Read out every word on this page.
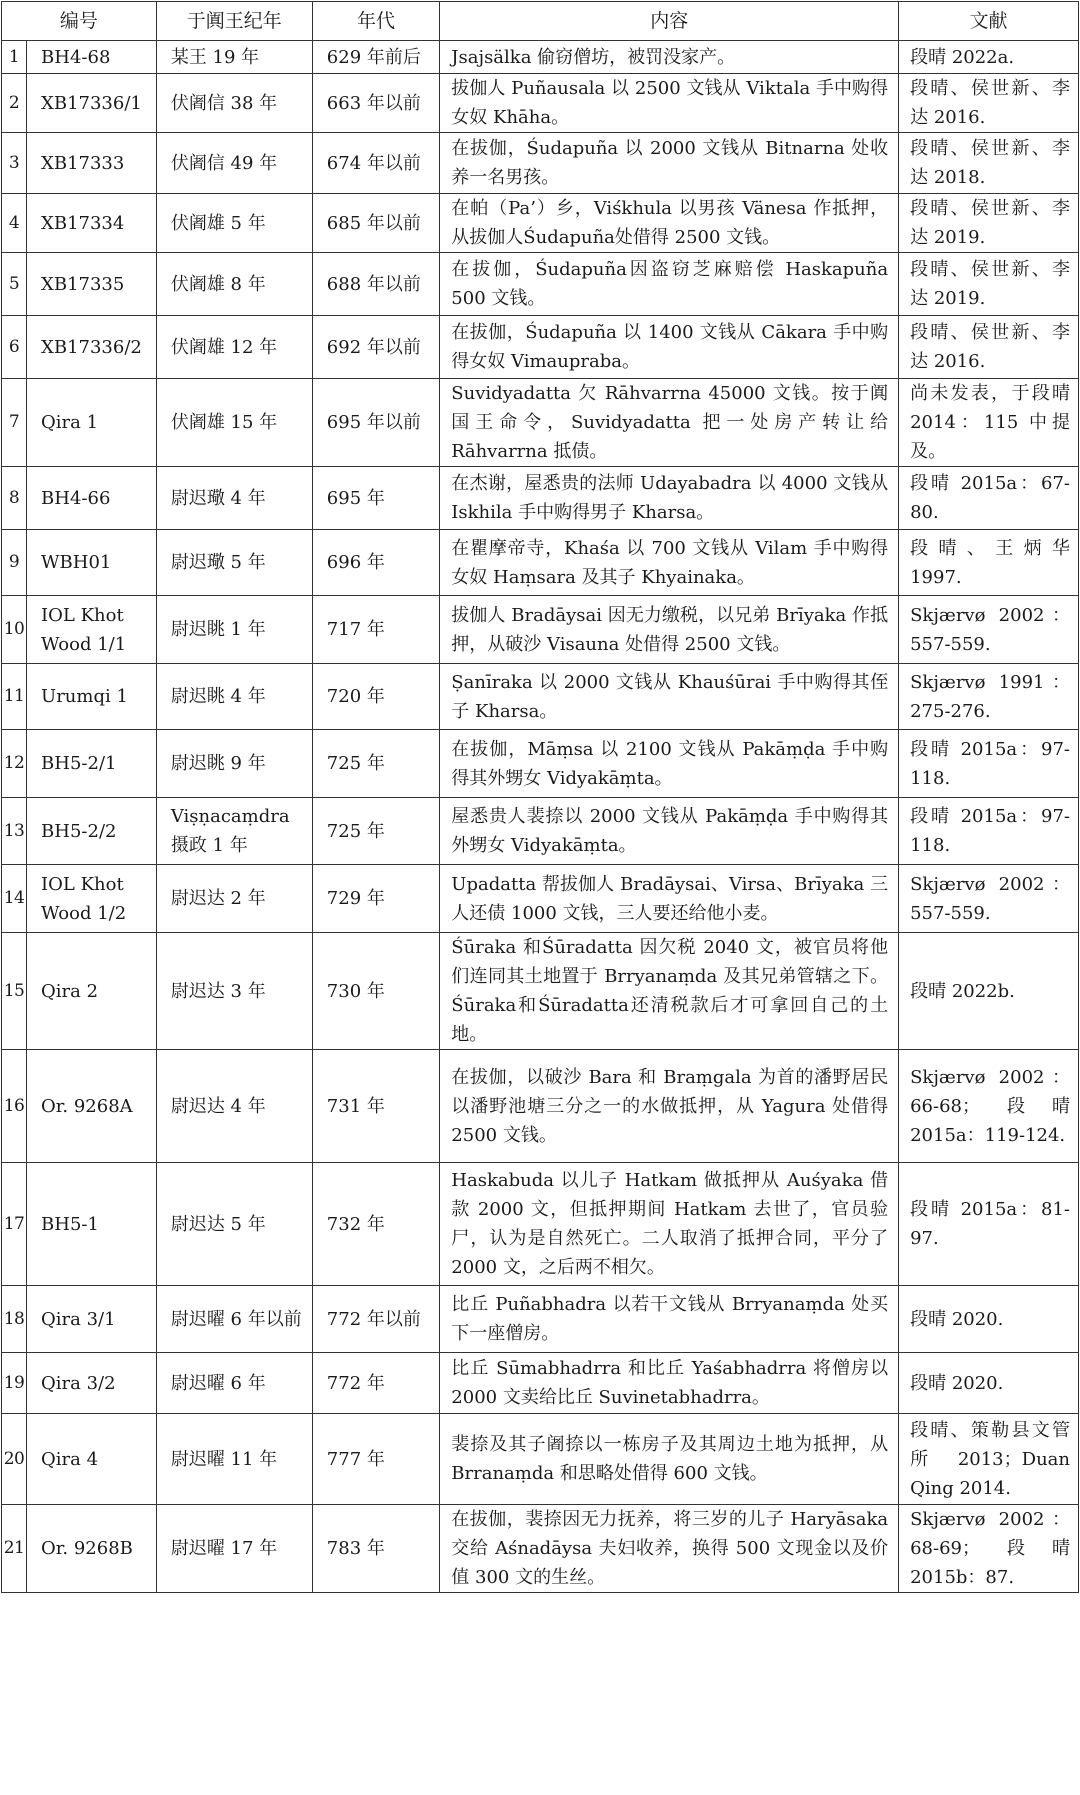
编号		于阗王纪年	年代	内容	文献
1	BH4-68	某王 19 年	629 年前后	Jsajsälka 偷窃僧坊，被罚没家产。	段晴 2022a.
2	XB17336/1	伏阇信 38 年	663 年以前	拔伽人 Puñausala 以 2500 文钱从 Viktala 手中购得女奴 Khāha。	段晴、侯世新、李达 2016.
3	XB17333	伏阇信 49 年	674 年以前	在拔伽，Śudapuña 以 2000 文钱从 Bitnarna 处收养一名男孩。	段晴、侯世新、李达 2018.
4	XB17334	伏阇雄 5 年	685 年以前	在帕（Pa’）乡，Viśkhula 以男孩 Vänesa 作抵押，从拔伽人Śudapuña处借得 2500 文钱。	段晴、侯世新、李达 2019.
5	XB17335	伏阇雄 8 年	688 年以前	在拔伽，Śudapuña因盗窃芝麻赔偿 Haskapuña 500 文钱。	段晴、侯世新、李达 2019.
6	XB17336/2	伏阇雄 12 年	692 年以前	在拔伽，Śudapuña 以 1400 文钱从 Cākara 手中购得女奴 Vimaupraba。	段晴、侯世新、李达 2016.
7	Qira 1	伏阇雄 15 年	695 年以前	Suvidyadatta 欠 Rāhvarrna 45000 文钱。按于阗国王命令，Suvidyadatta 把一处房产转让给 Rāhvarrna 抵债。	尚未发表，于段晴 2014：115 中提及。
8	BH4-66	尉迟璥 4 年	695 年	在杰谢，屋悉贵的法师 Udayabadra 以 4000 文钱从 Iskhila 手中购得男子 Kharsa。	段晴 2015a：67-80.
9	WBH01	尉迟璥 5 年	696 年	在瞿摩帝寺，Khaśa 以 700 文钱从 Vilam 手中购得女奴 Haṃsara 及其子 Khyainaka。	段晴、王炳华 1997.
10	IOL Khot Wood 1/1	尉迟眺 1 年	717 年	拔伽人 Bradāysai 因无力缴税，以兄弟 Brīyaka 作抵押，从破沙 Visauna 处借得 2500 文钱。	Skjærvø 2002：557-559.
11	Urumqi 1	尉迟眺 4 年	720 年	Ṣanīraka 以 2000 文钱从 Khauśūrai 手中购得其侄子 Kharsa。	Skjærvø 1991：275-276.
12	BH5-2/1	尉迟眺 9 年	725 年	在拔伽，Māṃsa 以 2100 文钱从 Pakāṃḍa 手中购得其外甥女 Vidyakāṃta。	段晴 2015a：97-118.
13	BH5-2/2	Viṣṇacaṃdra 摄政 1 年	725 年	屋悉贵人裴捺以 2000 文钱从 Pakāṃḍa 手中购得其外甥女 Vidyakāṃta。	段晴 2015a：97-118.
14	IOL Khot Wood 1/2	尉迟达 2 年	729 年	Upadatta 帮拔伽人 Bradāysai、Virsa、Brīyaka 三人还债 1000 文钱，三人要还给他小麦。	Skjærvø 2002：557-559.
15	Qira 2	尉迟达 3 年	730 年	Śūraka 和Śūradatta 因欠税 2040 文，被官员将他们连同其土地置于 Brryanaṃda 及其兄弟管辖之下。Śūraka和Śūradatta还清税款后才可拿回自己的土地。	段晴 2022b.
16	Or. 9268A	尉迟达 4 年	731 年	在拔伽，以破沙 Bara 和 Braṃgala 为首的潘野居民以潘野池塘三分之一的水做抵押，从 Yagura 处借得 2500 文钱。	Skjærvø 2002：66-68；段晴 2015a：119-124.
17	BH5-1	尉迟达 5 年	732 年	Haskabuda 以儿子 Hatkam 做抵押从 Auśyaka 借款 2000 文，但抵押期间 Hatkam 去世了，官员验尸，认为是自然死亡。二人取消了抵押合同，平分了 2000 文，之后两不相欠。	段晴 2015a：81-97.
18	Qira 3/1	尉迟曜 6 年以前	772 年以前	比丘 Puñabhadra 以若干文钱从 Brryanaṃda 处买下一座僧房。	段晴 2020.
19	Qira 3/2	尉迟曜 6 年	772 年	比丘 Sūmabhadrra 和比丘 Yaśabhadrra 将僧房以 2000 文卖给比丘 Suvinetabhadrra。	段晴 2020.
20	Qira 4	尉迟曜 11 年	777 年	裴捺及其子阇捺以一栋房子及其周边土地为抵押，从 Brranaṃda 和思略处借得 600 文钱。	段晴、策勒县文管所 2013；Duan Qing 2014.
21	Or. 9268B	尉迟曜 17 年	783 年	在拔伽，裴捺因无力抚养，将三岁的儿子 Haryāsaka 交给 Aśnadāysa 夫妇收养，换得 500 文现金以及价值 300 文的生丝。	Skjærvø 2002：68-69；段晴 2015b：87.
